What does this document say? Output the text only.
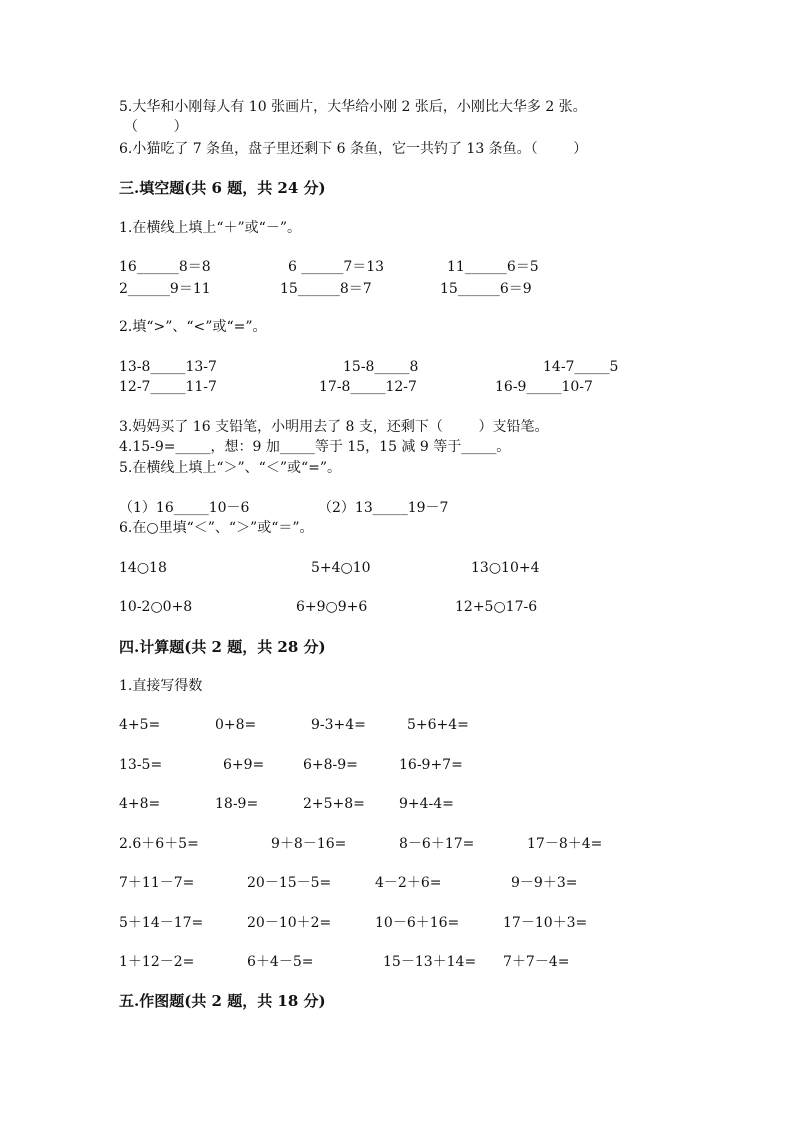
5.大华和小刚每人有 10 张画片，大华给小刚 2 张后，小刚比大华多 2 张。
（        ）
6.小猫吃了 7 条鱼，盘子里还剩下 6 条鱼，它一共钓了 13 条鱼。（        ）
三.填空题(共 6 题，共 24 分)
1.在横线上填上“＋”或“－”。
16______8＝8	6 ______7＝13	11______6＝5
2______9＝11	15______8＝7	15______6＝9
2.填“>”、“<”或“=”。
13-8_____13-7	15-8_____8	14-7_____5
12-7_____11-7	17-8_____12-7	16-9_____10-7
3.妈妈买了 16 支铅笔，小明用去了 8 支，还剩下（        ）支铅笔。
4.15-9=_____，想：9 加_____等于 15，15 减 9 等于_____。
5.在横线上填上“＞”、“＜”或“=”。
（1）16_____10－6	（2）13_____19－7
6.在○里填“＜”、“＞”或“＝”。
14○18	5+4○10	13○10+4
10-2○0+8	6+9○9+6	12+5○17-6
四.计算题(共 2 题，共 28 分)
1.直接写得数
4+5=	0+8=	9-3+4=	5+6+4=
13-5=	6+9=	6+8-9=	16-9+7=
4+8=	18-9=	2+5+8= 9+4-4=
2.6＋6＋5=	9＋8－16=	8－6＋17=	17－8＋4=
7＋11－7=	20－15－5=	4－2＋6=	9－9＋3=
5＋14－17=	20－10＋2=	10－6＋16=	17－10＋3=
1＋12－2=	6＋4－5=	15－13＋14= 7＋7－4=
五.作图题(共 2 题，共 18 分)
